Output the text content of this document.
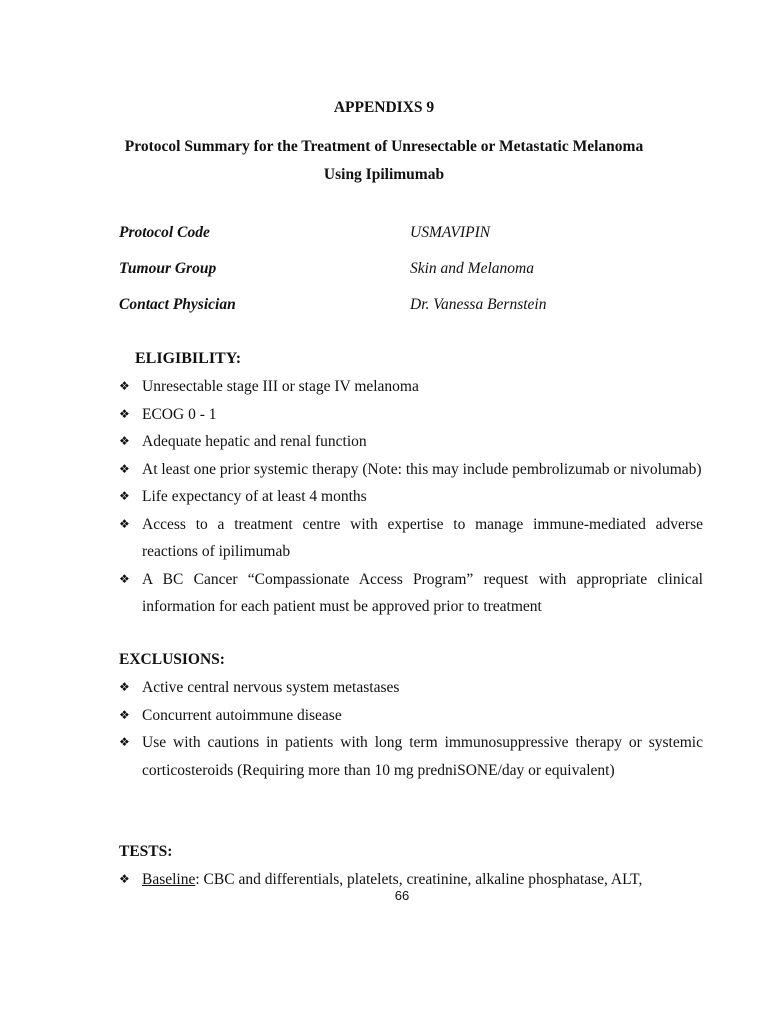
APPENDIXS 9
Protocol Summary for the Treatment of Unresectable or Metastatic Melanoma
Using Ipilimumab
Protocol Code	USMAVIPIN
Tumour Group	Skin and Melanoma
Contact Physician	Dr. Vanessa Bernstein
ELIGIBILITY:
❖ Unresectable stage III or stage IV melanoma
❖ ECOG 0 - 1
❖ Adequate hepatic and renal function
❖ At least one prior systemic therapy (Note: this may include pembrolizumab or nivolumab)
❖ Life expectancy of at least 4 months
❖ Access to a treatment centre with expertise to manage immune-mediated adverse reactions of ipilimumab
❖ A BC Cancer “Compassionate Access Program” request with appropriate clinical information for each patient must be approved prior to treatment
EXCLUSIONS:
❖ Active central nervous system metastases
❖ Concurrent autoimmune disease
❖ Use with cautions in patients with long term immunosuppressive therapy or systemic corticosteroids (Requiring more than 10 mg predniSONE/day or equivalent)
TESTS:
❖ Baseline: CBC and differentials, platelets, creatinine, alkaline phosphatase, ALT,
66
